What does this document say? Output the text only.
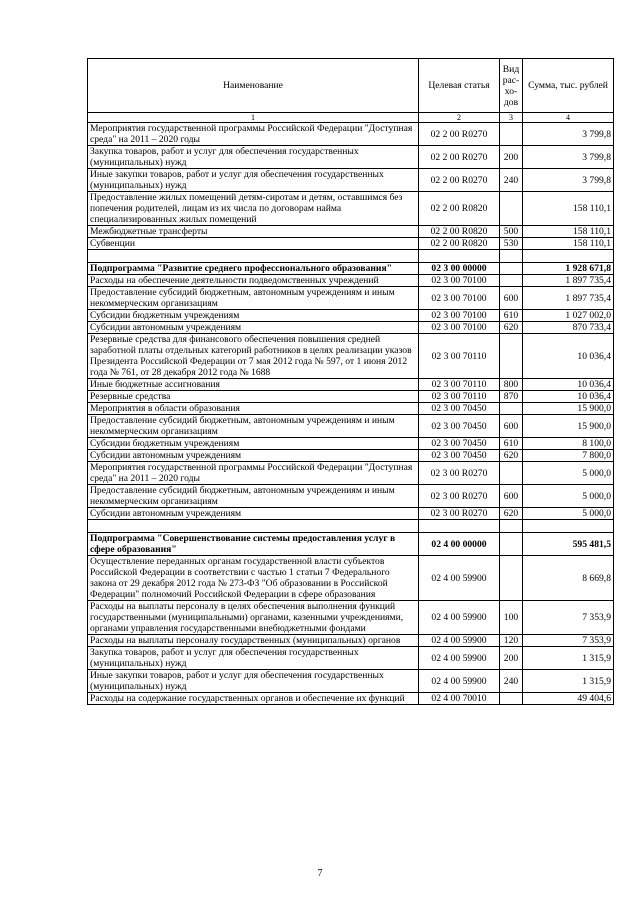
Наименование	Целевая статья	Вид рас-хо-дов	Сумма, тыс. рублей
1	2	3	4
Мероприятия государственной программы Российской Федерации "Доступная среда" на 2011 – 2020 годы	02 2 00 R0270		3 799,8
Закупка товаров, работ и услуг для обеспечения государственных (муниципальных) нужд	02 2 00 R0270	200	3 799,8
Иные закупки товаров, работ и услуг для обеспечения государственных (муниципальных) нужд	02 2 00 R0270	240	3 799,8
Предоставление жилых помещений детям-сиротам и детям, оставшимся без попечения родителей, лицам из их числа по договорам найма специализированных жилых помещений	02 2 00 R0820		158 110,1
Межбюджетные трансферты	02 2 00 R0820	500	158 110,1
Субвенции	02 2 00 R0820	530	158 110,1

Подпрограмма "Развитие среднего профессионального образования"	02 3 00 00000		1 928 671,8
Расходы на обеспечение деятельности подведомственных учреждений	02 3 00 70100		1 897 735,4
Предоставление субсидий бюджетным, автономным учреждениям и иным некоммерческим организациям	02 3 00 70100	600	1 897 735,4
Субсидии бюджетным учреждениям	02 3 00 70100	610	1 027 002,0
Субсидии автономным учреждениям	02 3 00 70100	620	870 733,4
Резервные средства для финансового обеспечения повышения средней заработной платы отдельных категорий работников в целях реализации указов Президента Российской Федерации от 7 мая 2012 года № 597, от 1 июня 2012 года № 761, от 28 декабря 2012 года № 1688	02 3 00 70110		10 036,4
Иные бюджетные ассигнования	02 3 00 70110	800	10 036,4
Резервные средства	02 3 00 70110	870	10 036,4
Мероприятия в области образования	02 3 00 70450		15 900,0
Предоставление субсидий бюджетным, автономным учреждениям и иным некоммерческим организациям	02 3 00 70450	600	15 900,0
Субсидии бюджетным учреждениям	02 3 00 70450	610	8 100,0
Субсидии автономным учреждениям	02 3 00 70450	620	7 800,0
Мероприятия государственной программы Российской Федерации "Доступная среда" на 2011 – 2020 годы	02 3 00 R0270		5 000,0
Предоставление субсидий бюджетным, автономным учреждениям и иным некоммерческим организациям	02 3 00 R0270	600	5 000,0
Субсидии автономным учреждениям	02 3 00 R0270	620	5 000,0

Подпрограмма "Совершенствование системы предоставления услуг в сфере образования"	02 4 00 00000		595 481,5
Осуществление переданных органам государственной власти субъектов Российской Федерации в соответствии с частью 1 статьи 7 Федерального закона от 29 декабря 2012 года № 273-ФЗ "Об образовании в Российской Федерации" полномочий Российской Федерации в сфере образования	02 4 00 59900		8 669,8
Расходы на выплаты персоналу в целях обеспечения выполнения функций государственными (муниципальными) органами, казенными учреждениями, органами управления государственными внебюджетными фондами	02 4 00 59900	100	7 353,9
Расходы на выплаты персоналу государственных (муниципальных) органов	02 4 00 59900	120	7 353,9
Закупка товаров, работ и услуг для обеспечения государственных (муниципальных) нужд	02 4 00 59900	200	1 315,9
Иные закупки товаров, работ и услуг для обеспечения государственных (муниципальных) нужд	02 4 00 59900	240	1 315,9
Расходы на содержание государственных органов и обеспечение их функций	02 4 00 70010		49 404,6
7
